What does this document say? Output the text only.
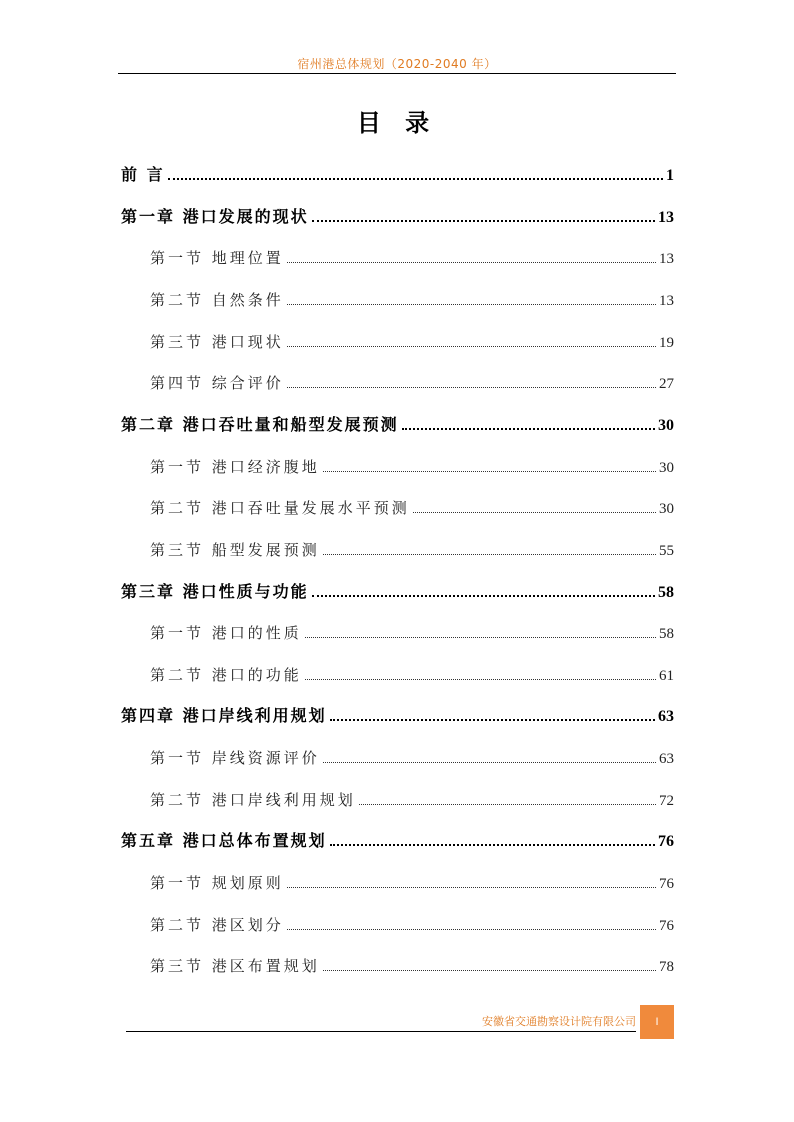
宿州港总体规划（2020-2040 年）
目 录
前 言	1
第一章 港口发展的现状	13
第一节 地理位置	13
第二节 自然条件	13
第三节 港口现状	19
第四节 综合评价	27
第二章 港口吞吐量和船型发展预测	30
第一节 港口经济腹地	30
第二节 港口吞吐量发展水平预测	30
第三节 船型发展预测	55
第三章 港口性质与功能	58
第一节 港口的性质	58
第二节 港口的功能	61
第四章 港口岸线利用规划	63
第一节 岸线资源评价	63
第二节 港口岸线利用规划	72
第五章 港口总体布置规划	76
第一节 规划原则	76
第二节 港区划分	76
第三节 港区布置规划	78
安徽省交通勘察设计院有限公司	I
